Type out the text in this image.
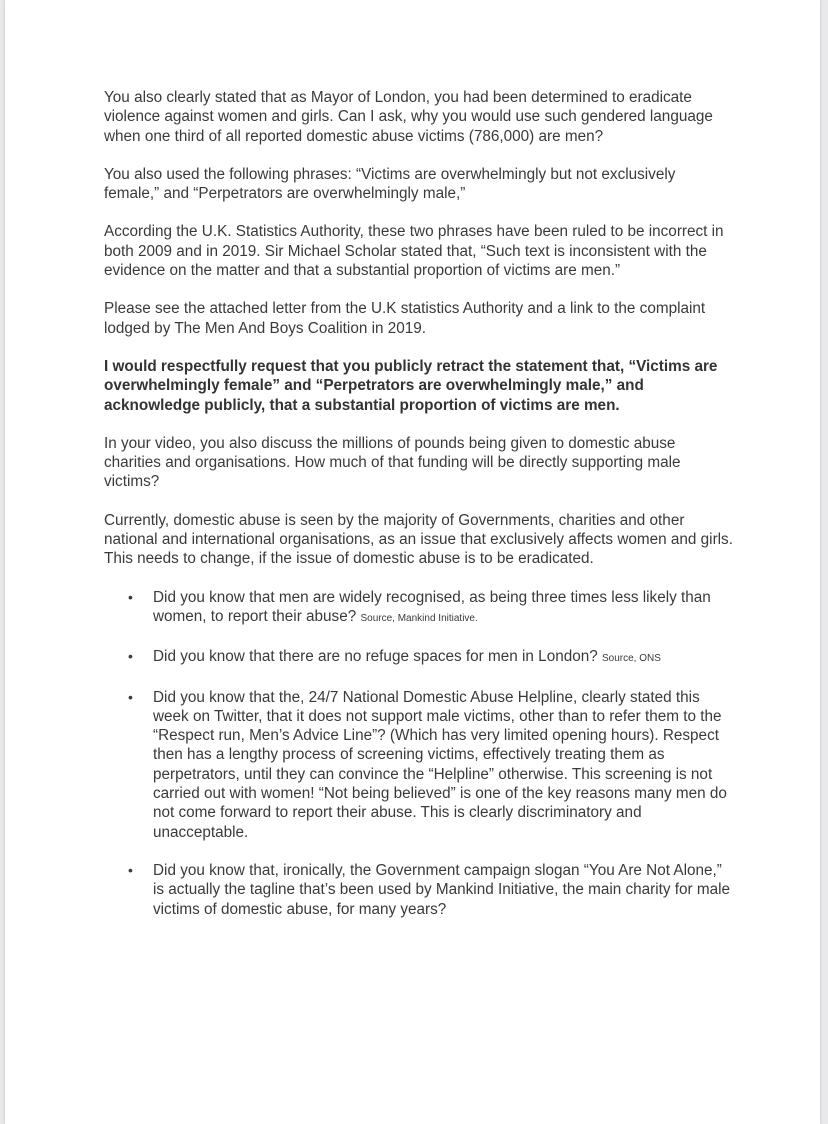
You also clearly stated that as Mayor of London, you had been determined to eradicate violence against women and girls. Can I ask, why you would use such gendered language when one third of all reported domestic abuse victims (786,000) are men?

You also used the following phrases: “Victims are overwhelmingly but not exclusively female,” and “Perpetrators are overwhelmingly male,”

According the U.K. Statistics Authority, these two phrases have been ruled to be incorrect in both 2009 and in 2019. Sir Michael Scholar stated that, “Such text is inconsistent with the evidence on the matter and that a substantial proportion of victims are men.”

Please see the attached letter from the U.K statistics Authority and a link to the complaint lodged by The Men And Boys Coalition in 2019.

I would respectfully request that you publicly retract the statement that, “Victims are overwhelmingly female” and “Perpetrators are overwhelmingly male,” and acknowledge publicly, that a substantial proportion of victims are men.

In your video, you also discuss the millions of pounds being given to domestic abuse charities and organisations. How much of that funding will be directly supporting male victims?

Currently, domestic abuse is seen by the majority of Governments, charities and other national and international organisations, as an issue that exclusively affects women and girls. This needs to change, if the issue of domestic abuse is to be eradicated.

• Did you know that men are widely recognised, as being three times less likely than women, to report their abuse? Source, Mankind Initiative.
• Did you know that there are no refuge spaces for men in London? Source, ONS
• Did you know that the, 24/7 National Domestic Abuse Helpline, clearly stated this week on Twitter, that it does not support male victims, other than to refer them to the “Respect run, Men’s Advice Line”? (Which has very limited opening hours). Respect then has a lengthy process of screening victims, effectively treating them as perpetrators, until they can convince the “Helpline” otherwise. This screening is not carried out with women! “Not being believed” is one of the key reasons many men do not come forward to report their abuse. This is clearly discriminatory and unacceptable.
• Did you know that, ironically, the Government campaign slogan “You Are Not Alone,” is actually the tagline that’s been used by Mankind Initiative, the main charity for male victims of domestic abuse, for many years?
